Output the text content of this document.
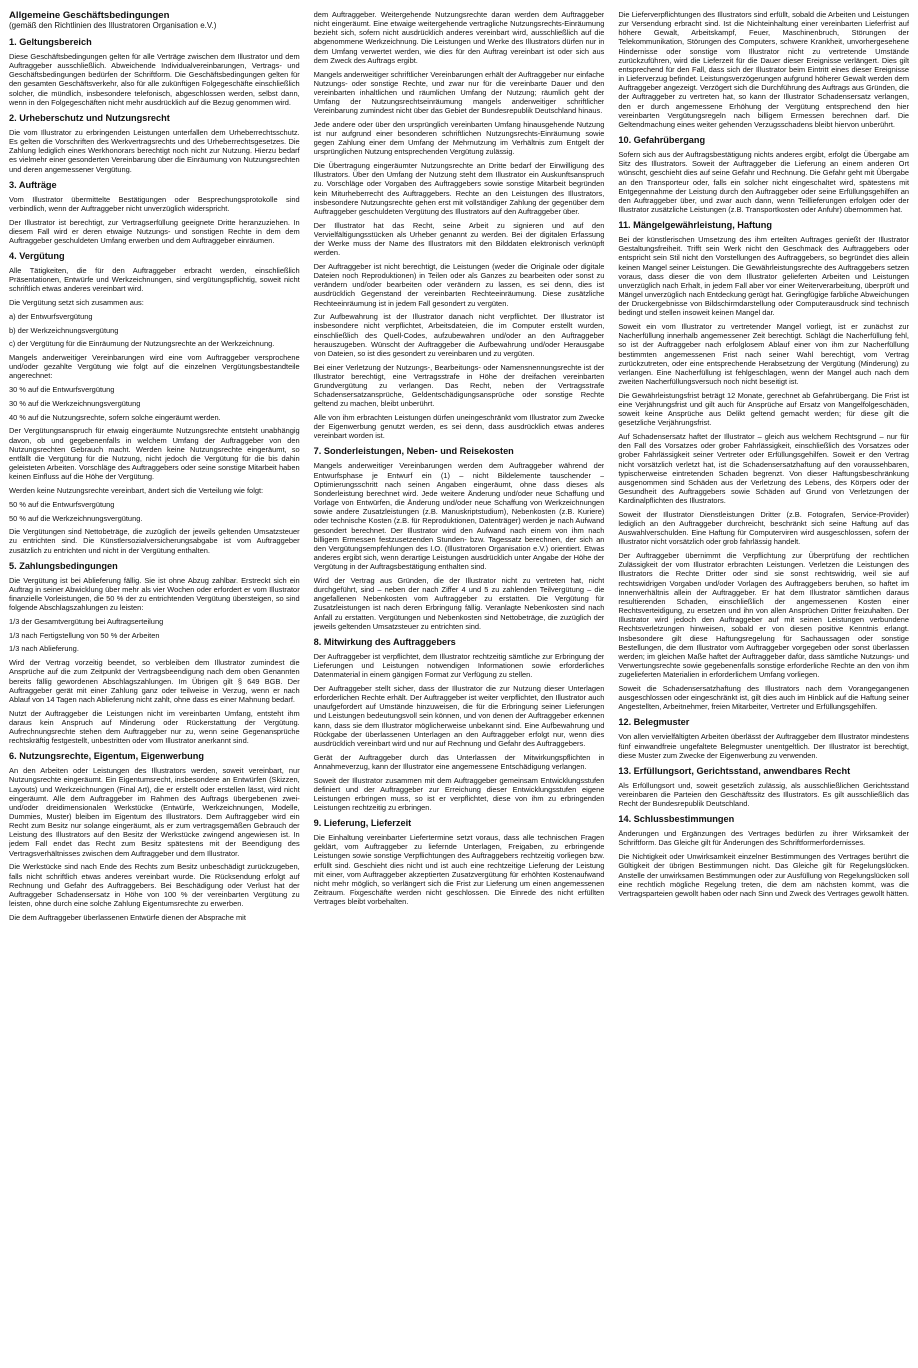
Allgemeine Geschäftsbedingungen
(gemäß den Richtlinien des Illustratoren Organisation e.V.)
1. Geltungsbereich

Diese Geschäftsbedingungen gelten für alle Verträge zwischen dem Illustrator und dem Auftraggeber ausschließlich. Abweichende Individualvereinbarungen, Vertrags- und Geschäftsbedingungen bedürfen der Schriftform. Die Geschäftsbedingungen gelten für den gesamten Geschäftsverkehr, also für alle zukünftigen Folgegeschäfte einschließlich solcher, die mündlich, insbesondere telefonisch, abgeschlossen werden, selbst dann, wenn in den Folgegeschäften nicht mehr ausdrücklich auf die Bezug genommen wird.

2. Urheberschutz und Nutzungsrecht

Die vom Illustrator zu erbringenden Leistungen unterfallen dem Urheberrechtsschutz. Es gelten die Vorschriften des Werkvertragsrechts und des Urheberrechtsgesetzes. Die Zahlung lediglich eines Werkhonorars berechtigt noch nicht zur Nutzung. Hierzu bedarf es vielmehr einer gesonderten Vereinbarung über die Einräumung von Nutzungsrechten und deren angemessener Vergütung.

3. Aufträge

Vom Illustrator übermittelte Bestätigungen oder Besprechungsprotokolle sind verbindlich, wenn der Auftraggeber nicht unverzüglich widerspricht.

Der Illustrator ist berechtigt, zur Vertragserfüllung geeignete Dritte heranzuziehen. In diesem Fall wird er deren etwaige Nutzungs- und sonstigen Rechte in dem dem Auftraggeber geschuldeten Umfang erwerben und dem Auftraggeber einräumen.

4. Vergütung

Alle Tätigkeiten, die für den Auftraggeber erbracht werden, einschließlich Präsentationen, Entwürfe und Werkzeichnungen, sind vergütungspflichtig, soweit nicht schriftlich etwas anderes vereinbart wird.

Die Vergütung setzt sich zusammen aus:

a) der Entwurfsvergütung

b) der Werkzeichnungsvergütung

c) der Vergütung für die Einräumung der Nutzungsrechte an der Werkzeichnung.

Mangels anderweitiger Vereinbarungen wird eine vom Auftraggeber versprochene und/oder gezahlte Vergütung wie folgt auf die einzelnen Vergütungsbestandteile angerechnet:

30 % auf die Entwurfsvergütung

30 % auf die Werkzeichnungsvergütung

40 % auf die Nutzungsrechte, sofern solche eingeräumt werden.

Der Vergütungsanspruch für etwaig eingeräumte Nutzungsrechte entsteht unabhängig davon, ob und gegebenenfalls in welchem Umfang der Auftraggeber von den Nutzungsrechten Gebrauch macht. Werden keine Nutzungsrechte eingeräumt, so entfällt die Vergütung für die Nutzung, nicht jedoch die Vergütung für die bis dahin geleisteten Arbeiten. Vorschläge des Auftraggebers oder seine sonstige Mitarbeit haben keinen Einfluss auf die Höhe der Vergütung.

Werden keine Nutzungsrechte vereinbart, ändert sich die Verteilung wie folgt:

50 % auf die Entwurfsvergütung

50 % auf die Werkzeichnungsvergütung.

Die Vergütungen sind Nettobeträge, die zuzüglich der jeweils geltenden Umsatzsteuer zu entrichten sind. Die Künstlersozialversicherungsabgabe ist vom Auftraggeber zusätzlich zu entrichten und nicht in der Vergütung enthalten.

5. Zahlungsbedingungen

Die Vergütung ist bei Ablieferung fällig. Sie ist ohne Abzug zahlbar. Erstreckt sich ein Auftrag in seiner Abwicklung über mehr als vier Wochen oder erfordert er vom Illustrator finanzielle Vorleistungen, die 50 % der zu entrichtenden Vergütung übersteigen, so sind folgende Abschlagszahlungen zu leisten:

1/3 der Gesamtvergütung bei Auftragserteilung

1/3 nach Fertigstellung von 50 % der Arbeiten

1/3 nach Ablieferung.

Wird der Vertrag vorzeitig beendet, so verbleiben dem Illustrator zumindest die Ansprüche auf die zum Zeitpunkt der Vertragsbeendigung nach dem oben Genannten bereits fällig gewordenen Abschlagszahlungen. Im Übrigen gilt § 649 BGB. Der Auftraggeber gerät mit einer Zahlung ganz oder teilweise in Verzug, wenn er nach Ablauf von 14 Tagen nach Ablieferung nicht zahlt, ohne dass es einer Mahnung bedarf.

Nutzt der Auftraggeber die Leistungen nicht im vereinbarten Umfang, entsteht ihm daraus kein Anspruch auf Minderung oder Rückerstattung der Vergütung. Aufrechnungsrechte stehen dem Auftraggeber nur zu, wenn seine Gegenansprüche rechtskräftig festgestellt, unbestritten oder vom Illustrator anerkannt sind.

6. Nutzungsrechte, Eigentum, Eigenwerbung

An den Arbeiten oder Leistungen des Illustrators werden, soweit vereinbart, nur Nutzungsrechte eingeräumt. Ein Eigentumsrecht, insbesondere an Entwürfen (Skizzen, Layouts) und Werkzeichnungen (Final Art), die er erstellt oder erstellen lässt, wird nicht eingeräumt. Alle dem Auftraggeber im Rahmen des Auftrags übergebenen zwei- und/oder dreidimensionalen Werkstücke (Entwürfe, Werkzeichnungen, Modelle, Dummies, Muster) bleiben im Eigentum des Illustrators. Dem Auftraggeber wird ein Recht zum Besitz nur solange eingeräumt, als er zum vertragsgemäßen Gebrauch der Leistung des Illustrators auf den Besitz der Werkstücke zwingend angewiesen ist. In jedem Fall endet das Recht zum Besitz spätestens mit der Beendigung des Vertragsverhältnisses zwischen dem Auftraggeber und dem Illustrator.

Die Werkstücke sind nach Ende des Rechts zum Besitz unbeschädigt zurückzugeben, falls nicht schriftlich etwas anderes vereinbart wurde. Die Rücksendung erfolgt auf Rechnung und Gefahr des Auftraggebers. Bei Beschädigung oder Verlust hat der Auftraggeber Schadensersatz in Höhe von 100 % der vereinbarten Vergütung zu leisten, ohne durch eine solche Zahlung Eigentumsrechte zu erwerben.

Die dem Auftraggeber überlassenen Entwürfe dienen der Absprache mit

dem Auftraggeber. Weitergehende Nutzungsrechte daran werden dem Auftraggeber nicht eingeräumt. Eine etwaige weitergehende vertragliche Nutzungsrechts-Einräumung bezieht sich, sofern nicht ausdrücklich anderes vereinbart wird, ausschließlich auf die abgenommene Werkzeichnung. Die Leistungen und Werke des Illustrators dürfen nur in dem Umfang verwertet werden, wie dies für den Auftrag vereinbart ist oder sich aus dem Zweck des Auftrags ergibt.

Mangels anderweitiger schriftlicher Vereinbarungen erhält der Auftraggeber nur einfache Nutzungs- oder sonstige Rechte, und zwar nur für die vereinbarte Dauer und den vereinbarten inhaltlichen und räumlichen Umfang der Nutzung; räumlich geht der Umfang der Nutzungsrechtseinräumung mangels anderweitiger schriftlicher Vereinbarung zumindest nicht über das Gebiet der Bundesrepublik Deutschland hinaus.

Jede andere oder über den ursprünglich vereinbarten Umfang hinausgehende Nutzung ist nur aufgrund einer besonderen schriftlichen Nutzungsrechts-Einräumung sowie gegen Zahlung einer dem Umfang der Mehrnutzung im Verhältnis zum Entgelt der ursprünglichen Nutzung entsprechenden Vergütung zulässig.

Die Übertragung eingeräumter Nutzungsrechte an Dritte bedarf der Einwilligung des Illustrators. Über den Umfang der Nutzung steht dem Illustrator ein Auskunftsanspruch zu. Vorschläge oder Vorgaben des Auftraggebers sowie sonstige Mitarbeit begründen kein Miturheberrecht des Auftraggebers. Rechte an den Leistungen des Illustrators, insbesondere Nutzungsrechte gehen erst mit vollständiger Zahlung der gegenüber dem Auftraggeber geschuldeten Vergütung des Illustrators auf den Auftraggeber über.

Der Illustrator hat das Recht, seine Arbeit zu signieren und auf den Vervielfältigungsstücken als Urheber genannt zu werden. Bei der digitalen Erfassung der Werke muss der Name des Illustrators mit den Bilddaten elektronisch verknüpft werden.

Der Auftraggeber ist nicht berechtigt, die Leistungen (weder die Originale oder digitale Dateien noch Reproduktionen) in Teilen oder als Ganzes zu bearbeiten oder sonst zu verändern und/oder bearbeiten oder verändern zu lassen, es sei denn, dies ist ausdrücklich Gegenstand der vereinbarten Rechteeinräumung. Diese zusätzliche Rechteeinräumung ist in jedem Fall gesondert zu vergüten.

Zur Aufbewahrung ist der Illustrator danach nicht verpflichtet. Der Illustrator ist insbesondere nicht verpflichtet, Arbeitsdateien, die im Computer erstellt wurden, einschließlich des Quell-Codes, aufzubewahren und/oder an den Auftraggeber herauszugeben. Wünscht der Auftraggeber die Aufbewahrung und/oder Herausgabe von Dateien, so ist dies gesondert zu vereinbaren und zu vergüten.

Bei einer Verletzung der Nutzungs-, Bearbeitungs- oder Namensnennungsrechte ist der Illustrator berechtigt, eine Vertragsstrafe in Höhe der dreifachen vereinbarten Grundvergütung zu verlangen. Das Recht, neben der Vertragsstrafe Schadensersatzansprüche, Geldentschädigungsansprüche oder sonstige Rechte geltend zu machen, bleibt unberührt.

Alle von ihm erbrachten Leistungen dürfen uneingeschränkt vom Illustrator zum Zwecke der Eigenwerbung genutzt werden, es sei denn, dass ausdrücklich etwas anderes vereinbart worden ist.

7. Sonderleistungen, Neben- und Reisekosten

Mangels anderweitiger Vereinbarungen werden dem Auftraggeber während der Entwurfsphase je Entwurf ein (1) – nicht Bildelemente tauschender – Optimierungsschritt nach seinen Angaben eingeräumt, ohne dass dieses als Sonderleistung berechnet wird. Jede weitere Änderung und/oder neue Schaffung und Vorlage von Entwürfen, die Änderung und/oder neue Schaffung von Werkzeichnungen sowie andere Zusatzleistungen (z.B. Manuskriptstudium), Nebenkosten (z.B. Kuriere) oder technische Kosten (z.B. für Reproduktionen, Datenträger) werden je nach Aufwand gesondert berechnet. Der Illustrator wird den Aufwand nach einem von ihm nach billigem Ermessen festzusetzenden Stunden- bzw. Tagessatz berechnen, der sich an den Vergütungsempfehlungen des I.O. (Illustratoren Organisation e.V.) orientiert. Etwas anderes ergibt sich, wenn derartige Leistungen ausdrücklich unter Angabe der Höhe der Vergütung in der Auftragsbestätigung enthalten sind.

Wird der Vertrag aus Gründen, die der Illustrator nicht zu vertreten hat, nicht durchgeführt, sind – neben der nach Ziffer 4 und 5 zu zahlenden Teilvergütung – die angefallenen Nebenkosten vom Auftraggeber zu erstatten. Die Vergütung für Zusatzleistungen ist nach deren Erbringung fällig. Veranlagte Nebenkosten sind nach Anfall zu erstatten. Vergütungen und Nebenkosten sind Nettobeträge, die zuzüglich der jeweils geltenden Umsatzsteuer zu entrichten sind.

8. Mitwirkung des Auftraggebers

Der Auftraggeber ist verpflichtet, dem Illustrator rechtzeitig sämtliche zur Erbringung der Lieferungen und Leistungen notwendigen Informationen sowie erforderliches Datenmaterial in einem gängigen Format zur Verfügung zu stellen.

Der Auftraggeber stellt sicher, dass der Illustrator die zur Nutzung dieser Unterlagen erforderlichen Rechte erhält. Der Auftraggeber ist weiter verpflichtet, den Illustrator auch unaufgefordert auf Umstände hinzuweisen, die für die Erbringung seiner Lieferungen und Leistungen bedeutungsvoll sein können, und von denen der Auftraggeber erkennen kann, dass sie dem Illustrator möglicherweise unbekannt sind. Eine Aufbewahrung und Rückgabe der überlassenen Unterlagen an den Auftraggeber erfolgt nur, wenn dies ausdrücklich vereinbart wird und nur auf Rechnung und Gefahr des Auftraggebers.

Gerät der Auftraggeber durch das Unterlassen der Mitwirkungspflichten in Annahmeverzug, kann der Illustrator eine angemessene Entschädigung verlangen.

Soweit der Illustrator zusammen mit dem Auftraggeber gemeinsam Entwicklungsstufen definiert und der Auftraggeber zur Erreichung dieser Entwicklungsstufen eigene Leistungen erbringen muss, so ist er verpflichtet, diese von ihm zu erbringenden Leistungen rechtzeitig zu erbringen.

9. Lieferung, Lieferzeit

Die Einhaltung vereinbarter Liefertermine setzt voraus, dass alle technischen Fragen geklärt, vom Auftraggeber zu liefernde Unterlagen, Freigaben, zu erbringende Leistungen sowie sonstige Verpflichtungen des Auftraggebers rechtzeitig vorliegen bzw. erfüllt sind. Geschieht dies nicht und ist auch eine rechtzeitige Lieferung der Leistung mit einer, vom Auftraggeber akzeptierten Zusatzvergütung für erhöhten Kostenaufwand nicht mehr möglich, so verlängert sich die Frist zur Lieferung um einen angemessenen Zeitraum. Fixgeschäfte werden nicht geschlossen. Die Einrede des nicht erfüllten Vertrages bleibt vorbehalten.

Die Lieferverpflichtungen des Illustrators sind erfüllt, sobald die Arbeiten und Leistungen zur Versendung erbracht sind. Ist die Nichteinhaltung einer vereinbarten Lieferfrist auf höhere Gewalt, Arbeitskampf, Feuer, Maschinenbruch, Störungen der Telekommunikation, Störungen des Computers, schwere Krankheit, unvorhergesehene Hindernisse oder sonstige vom Illustrator nicht zu vertretende Umstände zurückzuführen, wird die Lieferzeit für die Dauer dieser Ereignisse verlängert. Dies gilt entsprechend für den Fall, dass sich der Illustrator beim Eintritt eines dieser Ereignisse in Lieferverzug befindet. Leistungsverzögerungen aufgrund höherer Gewalt werden dem Auftraggeber angezeigt. Verzögert sich die Durchführung des Auftrags aus Gründen, die der Auftraggeber zu vertreten hat, so kann der Illustrator Schadensersatz verlangen, den er durch angemessene Erhöhung der Vergütung entsprechend den hier vereinbarten Vergütungsregeln nach billigem Ermessen berechnen darf. Die Geltendmachung eines weiter gehenden Verzugsschadens bleibt hiervon unberührt.

10. Gefahrübergang

Sofern sich aus der Auftragsbestätigung nichts anderes ergibt, erfolgt die Übergabe am Sitz des Illustrators. Soweit der Auftraggeber die Lieferung an einem anderen Ort wünscht, geschieht dies auf seine Gefahr und Rechnung. Die Gefahr geht mit Übergabe an den Transporteur oder, falls ein solcher nicht eingeschaltet wird, spätestens mit Entgegennahme der Leistung durch den Auftraggeber oder seine Erfüllungsgehilfen an den Auftraggeber über, und zwar auch dann, wenn Teillieferungen erfolgen oder der Illustrator zusätzliche Leistungen (z.B. Transportkosten oder Anfuhr) übernommen hat.

11. Mängelgewährleistung, Haftung

Bei der künstlerischen Umsetzung des ihm erteilten Auftrages genießt der Illustrator Gestaltungsfreiheit. Trifft sein Werk nicht den Geschmack des Auftraggebers oder entspricht sein Stil nicht den Vorstellungen des Auftraggebers, so begründet dies allein keinen Mangel seiner Leistungen. Die Gewährleistungsrechte des Auftraggebers setzen voraus, dass dieser die von dem Illustrator gelieferten Arbeiten und Leistungen unverzüglich nach Erhalt, in jedem Fall aber vor einer Weiterverarbeitung, überprüft und Mängel unverzüglich nach Entdeckung gerügt hat. Geringfügige farbliche Abweichungen der Druckergebnisse von Bildschirmdarstellung oder Computerausdruck sind technisch bedingt und stellen insoweit keinen Mangel dar.

Soweit ein vom Illustrator zu vertretender Mangel vorliegt, ist er zunächst zur Nacherfüllung innerhalb angemessener Zeit berechtigt. Schlägt die Nacherfüllung fehl, so ist der Auftraggeber nach erfolglosem Ablauf einer von ihm zur Nacherfüllung bestimmten angemessenen Frist nach seiner Wahl berechtigt, vom Vertrag zurückzutreten, oder eine entsprechende Herabsetzung der Vergütung (Minderung) zu verlangen. Eine Nacherfüllung ist fehlgeschlagen, wenn der Mangel auch nach dem zweiten Nacherfüllungsversuch noch nicht beseitigt ist.

Die Gewährleistungsfrist beträgt 12 Monate, gerechnet ab Gefahrübergang. Die Frist ist eine Verjährungsfrist und gilt auch für Ansprüche auf Ersatz von Mangelfolgeschäden, soweit keine Ansprüche aus Delikt geltend gemacht werden; für diese gilt die gesetzliche Verjährungsfrist.

Auf Schadensersatz haftet der Illustrator – gleich aus welchem Rechtsgrund – nur für den Fall des Vorsatzes oder grober Fahrlässigkeit, einschließlich des Vorsatzes oder grober Fahrlässigkeit seiner Vertreter oder Erfüllungsgehilfen. Soweit er den Vertrag nicht vorsätzlich verletzt hat, ist die Schadensersatzhaftung auf den voraussehbaren, typischerweise eintretenden Schaden begrenzt. Von dieser Haftungsbeschränkung ausgenommen sind Schäden aus der Verletzung des Lebens, des Körpers oder der Gesundheit des Auftraggebers sowie Schäden auf Grund von Verletzungen der Kardinalpflichten des Illustrators.

Soweit der Illustrator Dienstleistungen Dritter (z.B. Fotografen, Service-Provider) lediglich an den Auftraggeber durchreicht, beschränkt sich seine Haftung auf das Auswahlverschulden. Eine Haftung für Computerviren wird ausgeschlossen, sofern der Illustrator nicht vorsätzlich oder grob fahrlässig handelt.

Der Auftraggeber übernimmt die Verpflichtung zur Überprüfung der rechtlichen Zulässigkeit der vom Illustrator erbrachten Leistungen. Verletzen die Leistungen des Illustrators die Rechte Dritter oder sind sie sonst rechtswidrig, weil sie auf rechtswidrigen Vorgaben und/oder Vorlagen des Auftraggebers beruhen, so haftet im Innenverhältnis allein der Auftraggeber. Er hat dem Illustrator sämtlichen daraus resultierenden Schaden, einschließlich der angemessenen Kosten einer Rechtsverteidigung, zu ersetzen und ihn von allen Ansprüchen Dritter freizuhalten. Der Illustrator wird jedoch den Auftraggeber auf mit seinen Leistungen verbundene Rechtsverletzungen hinweisen, sobald er von diesen positive Kenntnis erlangt. Insbesondere gilt diese Haftungsregelung für Sachaussagen oder sonstige Bestellungen, die dem Illustrator vom Auftraggeber vorgegeben oder sonst überlassen werden; im gleichen Maße haftet der Auftraggeber dafür, dass sämtliche Nutzungs- und Verwertungsrechte sowie gegebenenfalls sonstige erforderliche Rechte an den von ihm zugelieferten Materialien in erforderlichem Umfang vorliegen.

Soweit die Schadensersatzhaftung des Illustrators nach dem Vorangegangenen ausgeschlossen oder eingeschränkt ist, gilt dies auch im Hinblick auf die Haftung seiner Angestellten, Arbeitnehmer, freien Mitarbeiter, Vertreter und Erfüllungsgehilfen.

12. Belegmuster

Von allen vervielfältigten Arbeiten überlässt der Auftraggeber dem Illustrator mindestens fünf einwandfreie ungefaltete Belegmuster unentgeltlich. Der Illustrator ist berechtigt, diese Muster zum Zwecke der Eigenwerbung zu verwenden.

13. Erfüllungsort, Gerichtsstand, anwendbares Recht

Als Erfüllungsort und, soweit gesetzlich zulässig, als ausschließlichen Gerichtsstand vereinbaren die Parteien den Geschäftssitz des Illustrators. Es gilt ausschließlich das Recht der Bundesrepublik Deutschland.

14. Schlussbestimmungen

Änderungen und Ergänzungen des Vertrages bedürfen zu ihrer Wirksamkeit der Schriftform. Das Gleiche gilt für Änderungen des Schriftformerfordernisses.

Die Nichtigkeit oder Unwirksamkeit einzelner Bestimmungen des Vertrages berührt die Gültigkeit der übrigen Bestimmungen nicht. Das Gleiche gilt für Regelungslücken. Anstelle der unwirksamen Bestimmungen oder zur Ausfüllung von Regelungslücken soll eine rechtlich mögliche Regelung treten, die dem am nächsten kommt, was die Vertragsparteien gewollt haben oder nach Sinn und Zweck des Vertrages gewollt hätten.
